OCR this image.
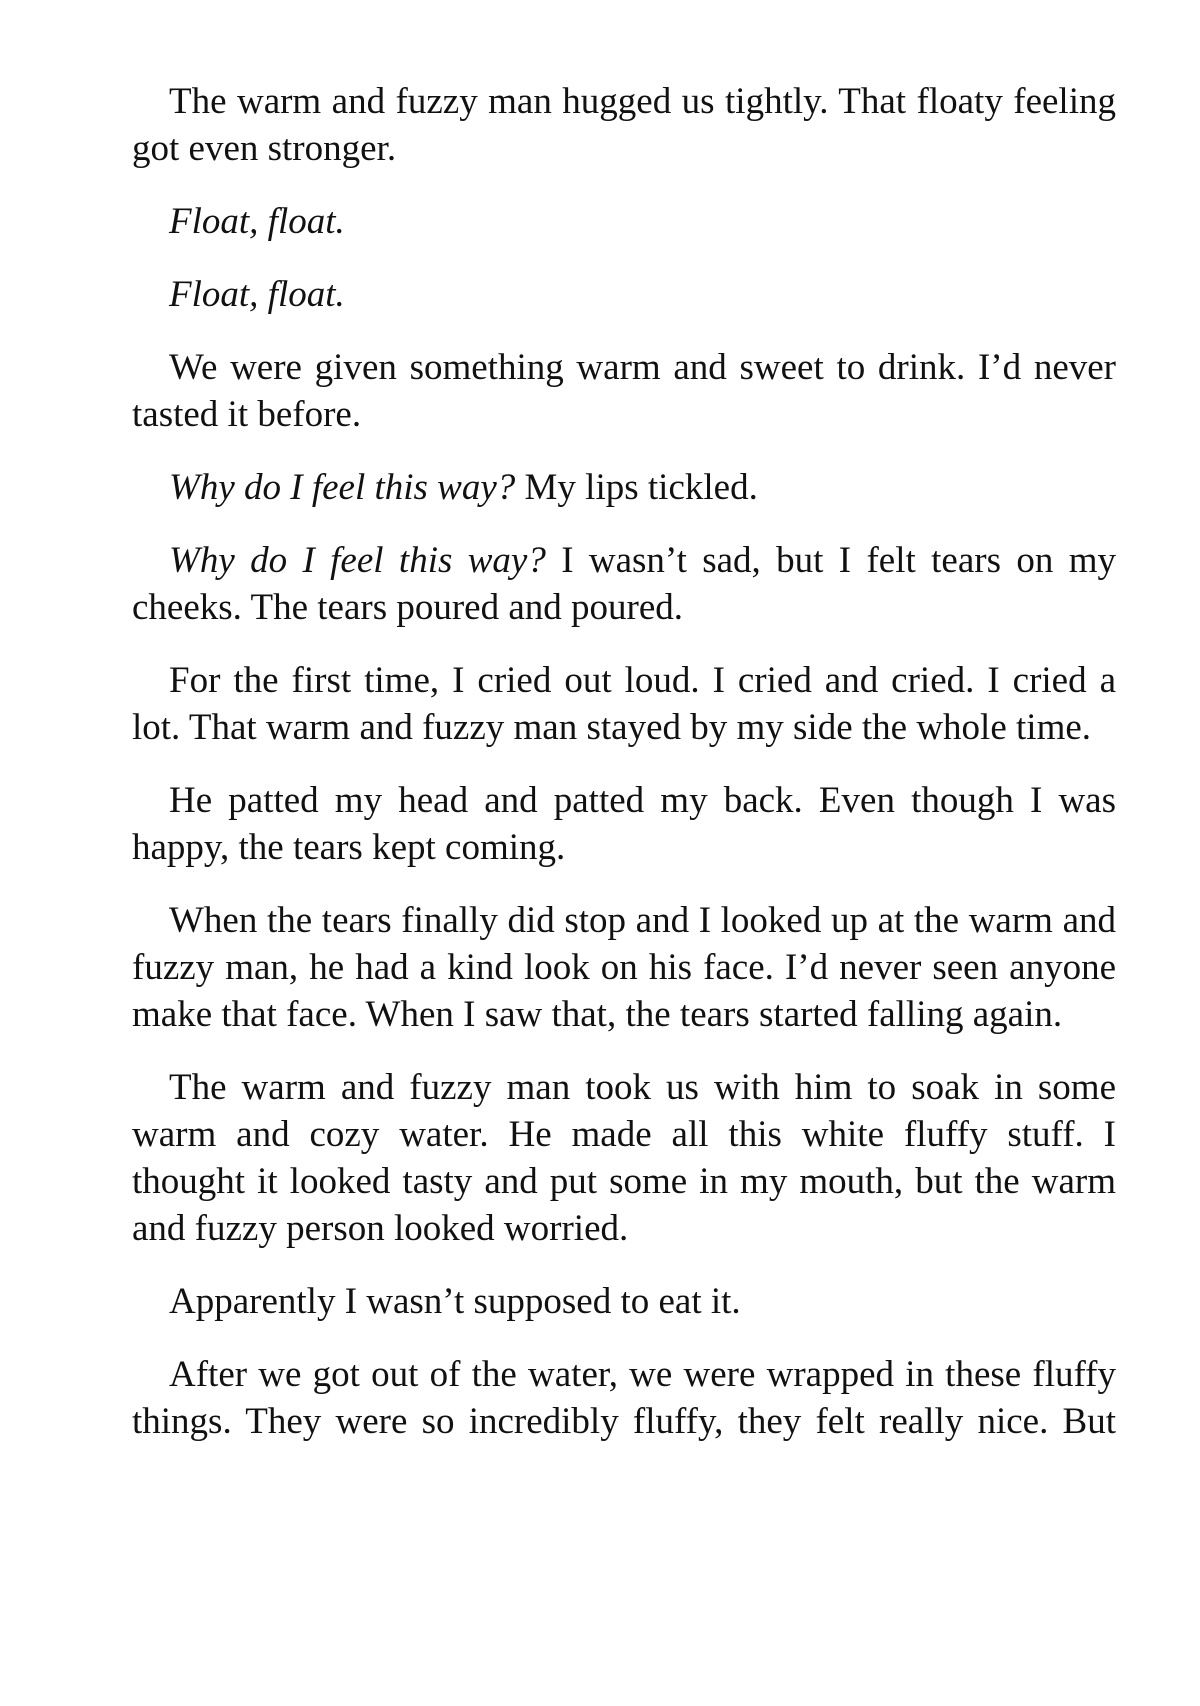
The warm and fuzzy man hugged us tightly. That floaty feeling got even stronger.

Float, float.

Float, float.

We were given something warm and sweet to drink. I’d never tasted it before.

Why do I feel this way? My lips tickled.

Why do I feel this way? I wasn’t sad, but I felt tears on my cheeks. The tears poured and poured.

For the first time, I cried out loud. I cried and cried. I cried a lot. That warm and fuzzy man stayed by my side the whole time.

He patted my head and patted my back. Even though I was happy, the tears kept coming.

When the tears finally did stop and I looked up at the warm and fuzzy man, he had a kind look on his face. I’d never seen anyone make that face. When I saw that, the tears started falling again.

The warm and fuzzy man took us with him to soak in some warm and cozy water. He made all this white fluffy stuff. I thought it looked tasty and put some in my mouth, but the warm and fuzzy person looked worried.

Apparently I wasn’t supposed to eat it.

After we got out of the water, we were wrapped in these fluffy things. They were so incredibly fluffy, they felt really nice. But
